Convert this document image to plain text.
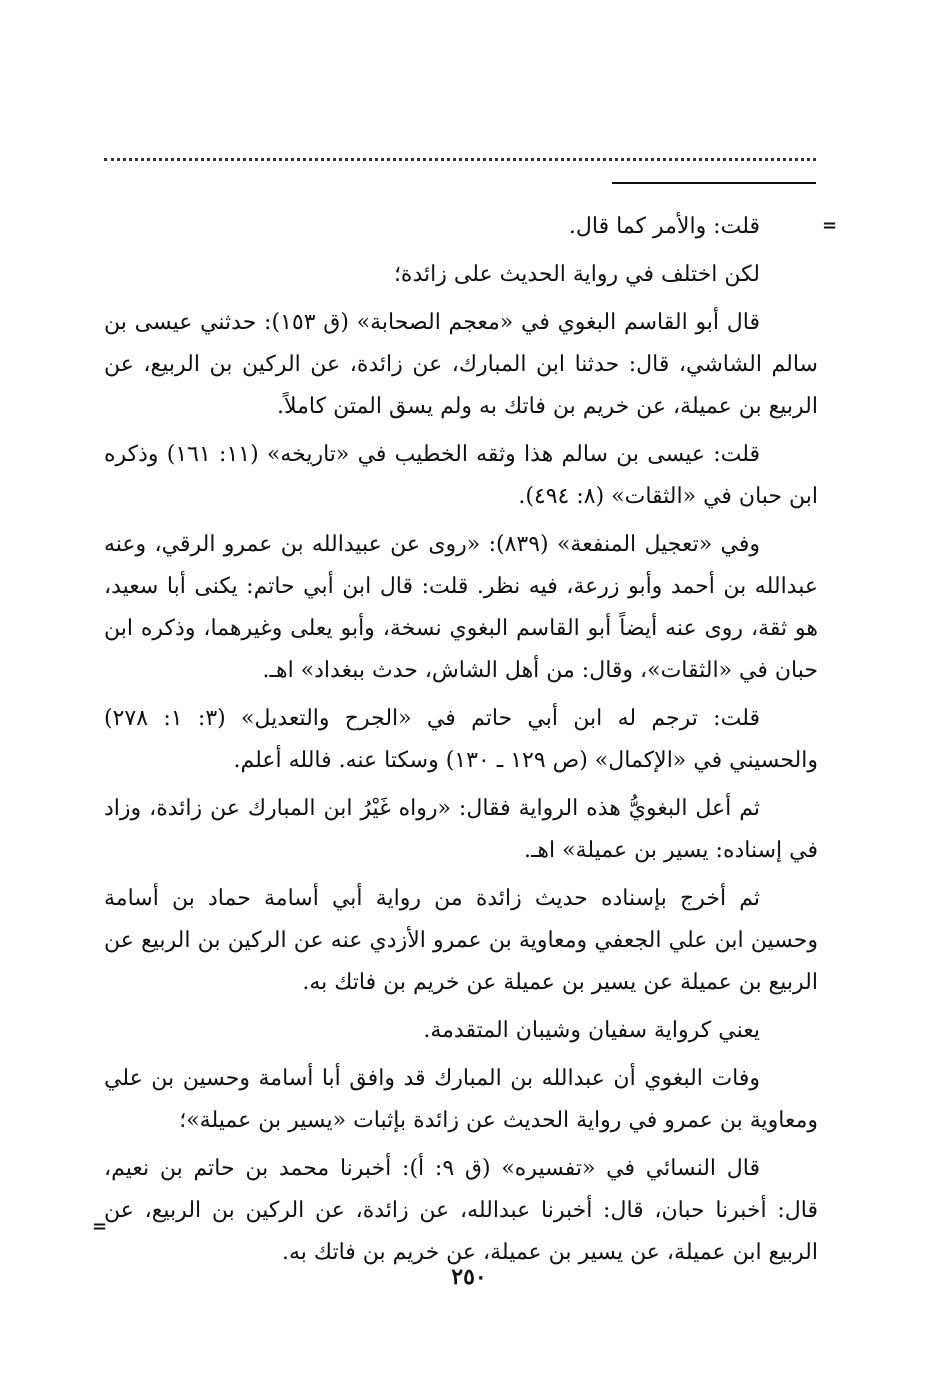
=

قلت: والأمر كما قال.

لكن اختلف في رواية الحديث على زائدة؛

قال أبو القاسم البغوي في «معجم الصحابة» (ق ١٥٣): حدثني عيسى بن سالم الشاشي، قال: حدثنا ابن المبارك، عن زائدة، عن الركين بن الربيع، عن الربيع بن عميلة، عن خريم بن فاتك به ولم يسق المتن كاملاً.

قلت: عيسى بن سالم هذا وثقه الخطيب في «تاريخه» (١١: ١٦١) وذكره ابن حبان في «الثقات» (٨: ٤٩٤).

وفي «تعجيل المنفعة» (٨٣٩): «روى عن عبيدالله بن عمرو الرقي، وعنه عبدالله بن أحمد وأبو زرعة، فيه نظر. قلت: قال ابن أبي حاتم: يكنى أبا سعيد، هو ثقة، روى عنه أيضاً أبو القاسم البغوي نسخة، وأبو يعلى وغيرهما، وذكره ابن حبان في «الثقات»، وقال: من أهل الشاش، حدث ببغداد» اهـ.

قلت: ترجم له ابن أبي حاتم في «الجرح والتعديل» (٣: ١: ٢٧٨) والحسيني في «الإكمال» (ص ١٢٩ ـ ١٣٠) وسكتا عنه. فالله أعلم.

ثم أعل البغويُّ هذه الرواية فقال: «رواه غَيْرُ ابن المبارك عن زائدة، وزاد في إسناده: يسير بن عميلة» اهـ.

ثم أخرج بإسناده حديث زائدة من رواية أبي أسامة حماد بن أسامة وحسين ابن علي الجعفي ومعاوية بن عمرو الأزدي عنه عن الركين بن الربيع عن الربيع بن عميلة عن يسير بن عميلة عن خريم بن فاتك به.

يعني كرواية سفيان وشيبان المتقدمة.

وفات البغوي أن عبدالله بن المبارك قد وافق أبا أسامة وحسين بن علي ومعاوية بن عمرو في رواية الحديث عن زائدة بإثبات «يسير بن عميلة»؛

قال النسائي في «تفسيره» (ق ٩: أ): أخبرنا محمد بن حاتم بن نعيم، قال: أخبرنا حبان، قال: أخبرنا عبدالله، عن زائدة، عن الركين بن الربيع، عن الربيع ابن عميلة، عن يسير بن عميلة، عن خريم بن فاتك به.

=
٢٥٠
